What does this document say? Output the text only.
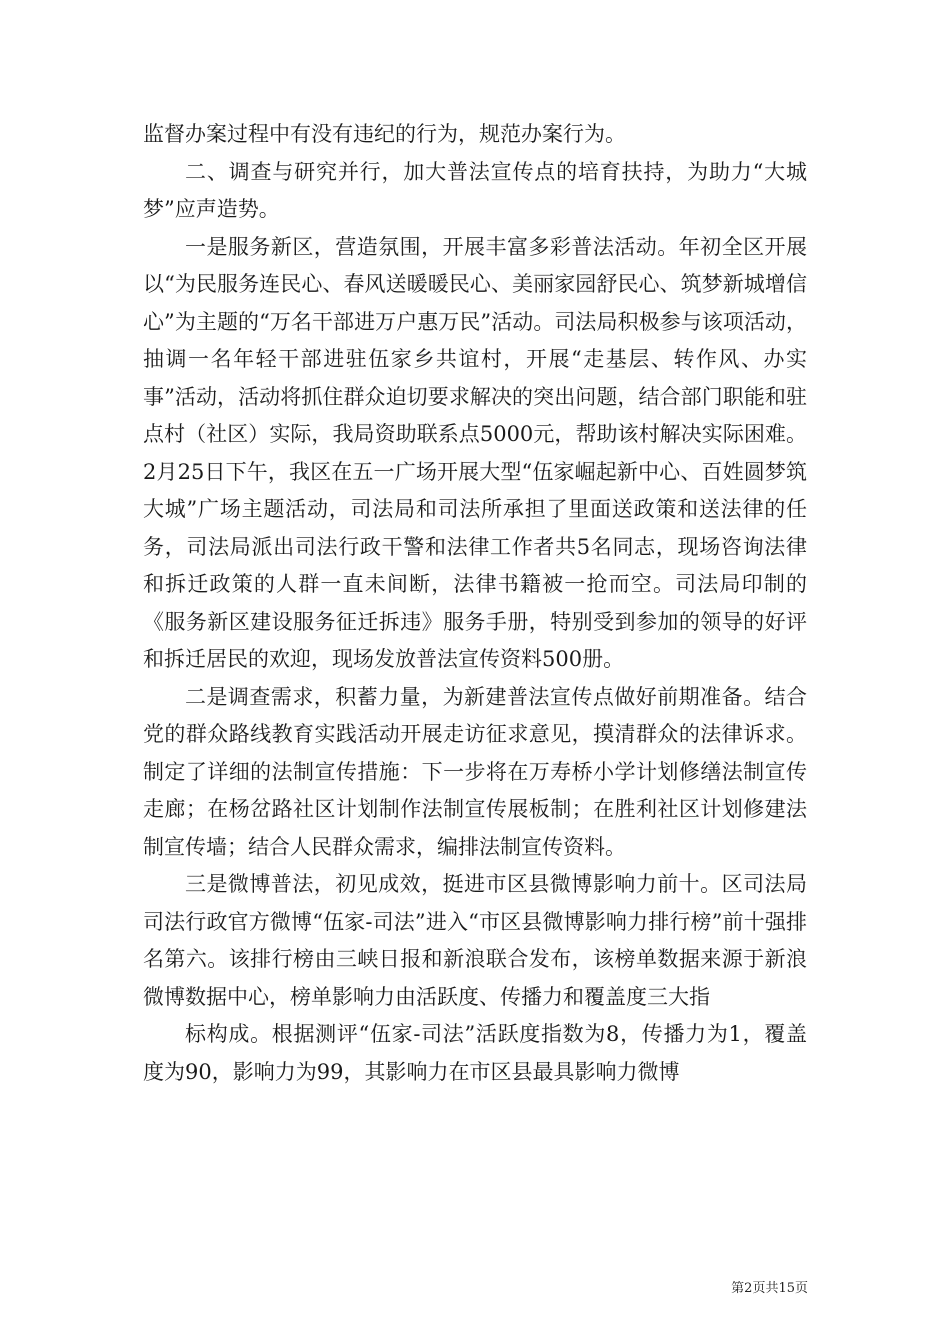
监督办案过程中有没有违纪的行为，规范办案行为。

二、调查与研究并行，加大普法宣传点的培育扶持，为助力“大城梦”应声造势。

一是服务新区，营造氛围，开展丰富多彩普法活动。年初全区开展以“为民服务连民心、春风送暖暖民心、美丽家园舒民心、筑梦新城增信心”为主题的“万名干部进万户惠万民”活动。司法局积极参与该项活动，抽调一名年轻干部进驻伍家乡共谊村，开展“走基层、转作风、办实事”活动，活动将抓住群众迫切要求解决的突出问题，结合部门职能和驻点村（社区）实际，我局资助联系点5000元，帮助该村解决实际困难。2月25日下午，我区在五一广场开展大型“伍家崛起新中心、百姓圆梦筑大城”广场主题活动，司法局和司法所承担了里面送政策和送法律的任务，司法局派出司法行政干警和法律工作者共5名同志，现场咨询法律和拆迁政策的人群一直未间断，法律书籍被一抢而空。司法局印制的《服务新区建设服务征迁拆违》服务手册，特别受到参加的领导的好评和拆迁居民的欢迎，现场发放普法宣传资料500册。

二是调查需求，积蓄力量，为新建普法宣传点做好前期准备。结合党的群众路线教育实践活动开展走访征求意见，摸清群众的法律诉求。制定了详细的法制宣传措施：下一步将在万寿桥小学计划修缮法制宣传走廊；在杨岔路社区计划制作法制宣传展板制；在胜利社区计划修建法制宣传墙；结合人民群众需求，编排法制宣传资料。

三是微博普法，初见成效，挺进市区县微博影响力前十。区司法局司法行政官方微博“伍家-司法”进入“市区县微博影响力排行榜”前十强排名第六。该排行榜由三峡日报和新浪联合发布，该榜单数据来源于新浪微博数据中心，榜单影响力由活跃度、传播力和覆盖度三大指

标构成。根据测评“伍家-司法”活跃度指数为8，传播力为1，覆盖度为90，影响力为99，其影响力在市区县最具影响力微博

第2页共15页
